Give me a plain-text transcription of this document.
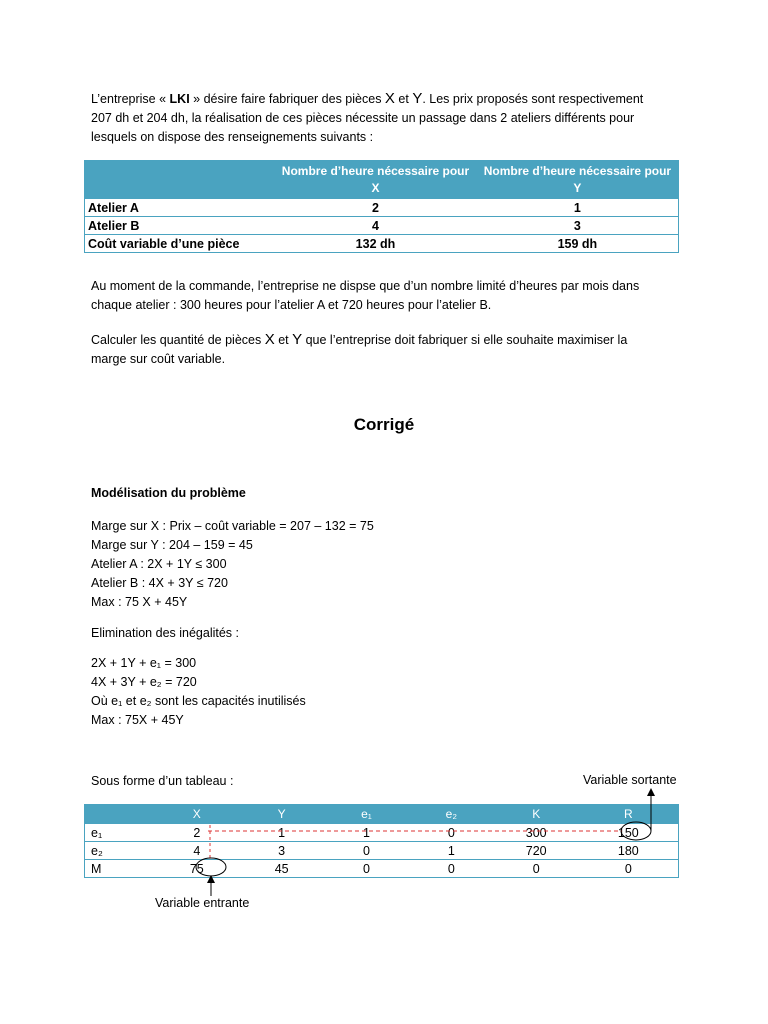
L’entreprise « LKI » désire faire fabriquer des pièces X et Y. Les prix proposés sont respectivement

207 dh et 204 dh, la réalisation de ces pièces nécessite un passage dans 2 ateliers différents pour

lesquels on dispose des renseignements suivants :

	Nombre d’heure nécessaire pour X	Nombre d’heure nécessaire pour Y
Atelier A	2	1
Atelier B	4	3
Coût variable d’une pièce	132 dh	159 dh

Au moment de la commande, l’entreprise ne dispse que d’un nombre limité d’heures par mois dans

chaque atelier : 300 heures pour l’atelier A et 720 heures pour l’atelier B.

Calculer les quantité de pièces X et Y que l’entreprise doit fabriquer si elle souhaite maximiser la

marge sur coût variable.

Corrigé
Modélisation du problème

Marge sur X : Prix – coût variable = 207 – 132 = 75

Marge sur Y : 204 – 159 = 45

Atelier A : 2X + 1Y ≤ 300

Atelier B : 4X + 3Y ≤ 720

Max : 75 X + 45Y

Elimination des inégalités :

2X + 1Y + e₁ = 300

4X + 3Y + e₂ = 720

Où e₁ et e₂ sont les capacités inutilisés

Max : 75X + 45Y

Sous forme d’un tableau :	Variable sortante
	X	Y	e₁	e₂	K	R
e₁	2	1	1	0	300	150
e₂	4	3	0	1	720	180
M	75	45	0	0	0	0
Variable entrante
